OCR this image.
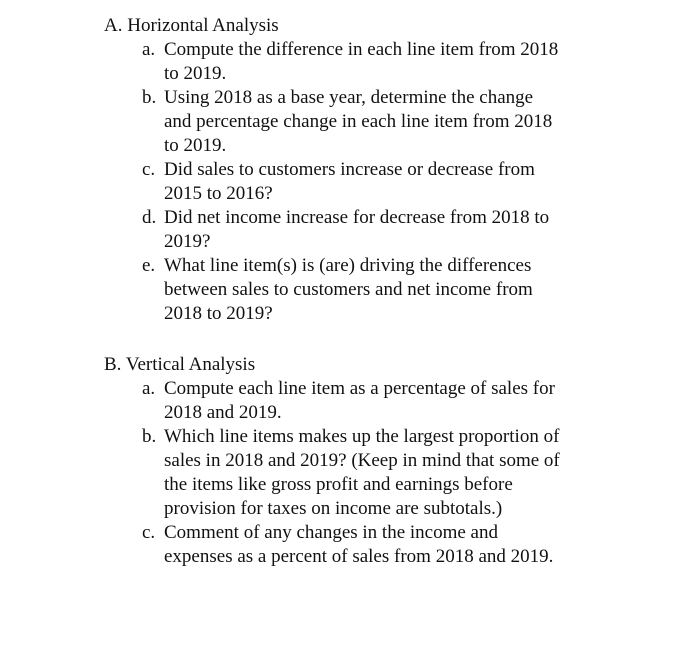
A. Horizontal Analysis
a. Compute the difference in each line item from 2018 to 2019.
b. Using 2018 as a base year, determine the change and percentage change in each line item from 2018 to 2019.
c. Did sales to customers increase or decrease from 2015 to 2016?
d. Did net income increase for decrease from 2018 to 2019?
e. What line item(s) is (are) driving the differences between sales to customers and net income from 2018 to 2019?
B. Vertical Analysis
a. Compute each line item as a percentage of sales for 2018 and 2019.
b. Which line items makes up the largest proportion of sales in 2018 and 2019? (Keep in mind that some of the items like gross profit and earnings before provision for taxes on income are subtotals.)
c. Comment of any changes in the income and expenses as a percent of sales from 2018 and 2019.
